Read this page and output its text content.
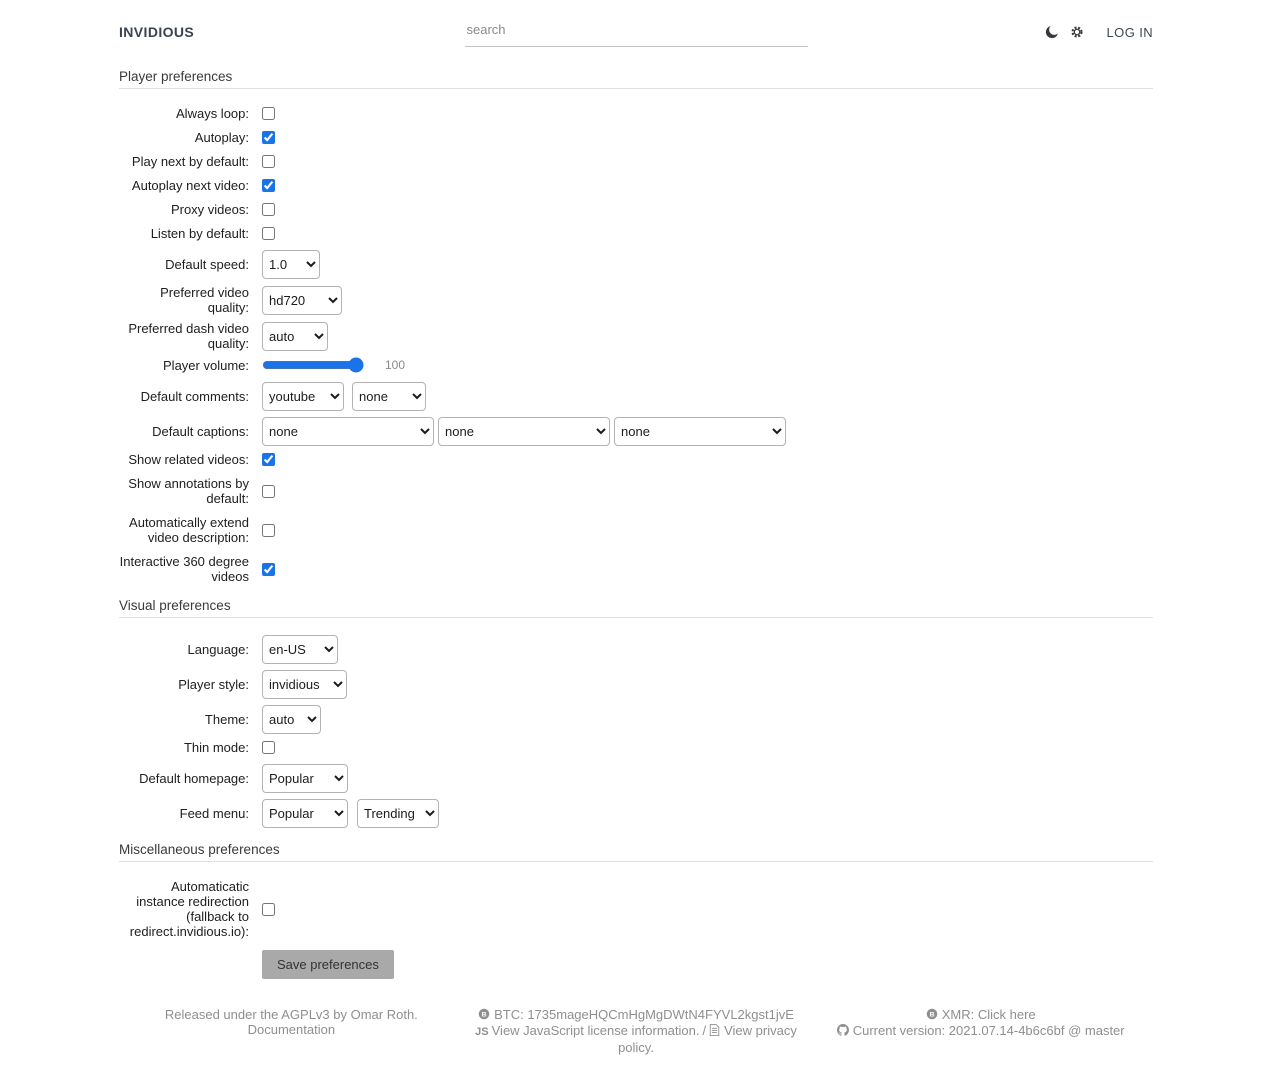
INVIDIOUS
search	LOG IN
Player preferences
Always loop:
Autoplay:
Play next by default:
Autoplay next video:
Proxy videos:
Listen by default:
Default speed:
1.0
Preferred video quality:
hd720
Preferred dash video quality:
auto
Player volume:	100
Default comments:
youtube
none
Default captions:
none
none
none
Show related videos:
Show annotations by default:
Automatically extend video description:
Interactive 360 degree videos
Visual preferences
Language:
en-US
Player style:
invidious
Theme:
auto
Thin mode:
Default homepage:
Popular
Feed menu:
Popular
Trending
Miscellaneous preferences
Automaticatic instance redirection (fallback to redirect.invidious.io):
Save preferences
Released under the AGPLv3 by Omar Roth.
Documentation
B BTC: 1735mageHQCmHgMgDWtN4FYVL2kgst1jvE
JS View JavaScript license information. / View privacy policy.
B XMR: Click here
Current version: 2021.07.14-4b6c6bf @ master
